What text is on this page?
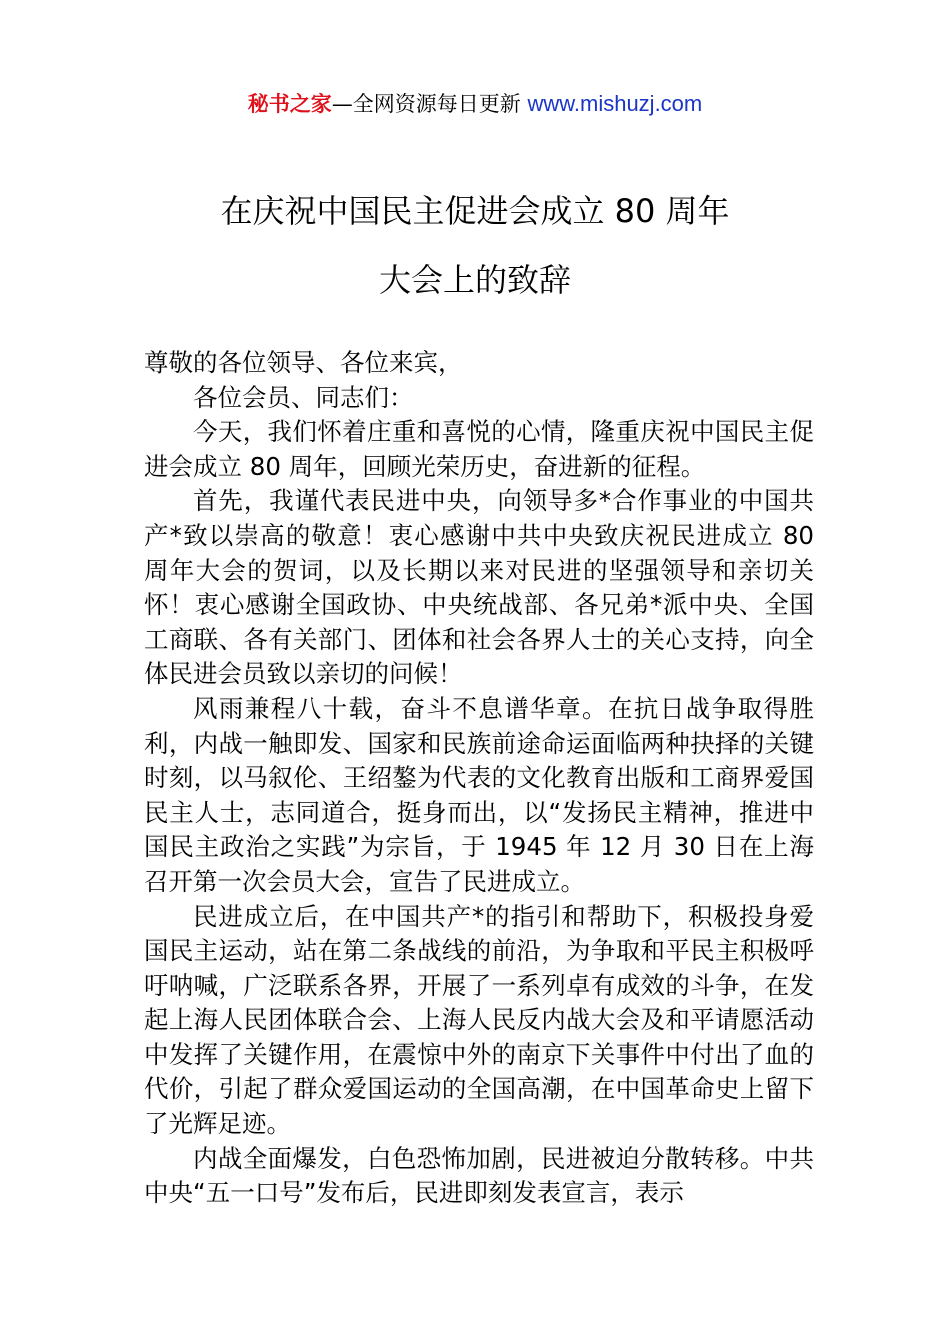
秘书之家—全网资源每日更新 www.mishuzj.com
在庆祝中国民主促进会成立 80 周年
大会上的致辞

尊敬的各位领导、各位来宾，

各位会员、同志们：

今天，我们怀着庄重和喜悦的心情，隆重庆祝中国民主促进会成立 80 周年，回顾光荣历史，奋进新的征程。

首先，我谨代表民进中央，向领导多*合作事业的中国共产*致以崇高的敬意！衷心感谢中共中央致庆祝民进成立 80 周年大会的贺词，以及长期以来对民进的坚强领导和亲切关怀！衷心感谢全国政协、中央统战部、各兄弟*派中央、全国工商联、各有关部门、团体和社会各界人士的关心支持，向全体民进会员致以亲切的问候！

风雨兼程八十载，奋斗不息谱华章。在抗日战争取得胜利，内战一触即发、国家和民族前途命运面临两种抉择的关键时刻，以马叙伦、王绍鏊为代表的文化教育出版和工商界爱国民主人士，志同道合，挺身而出，以“发扬民主精神，推进中国民主政治之实践”为宗旨，于 1945 年 12 月 30 日在上海召开第一次会员大会，宣告了民进成立。

民进成立后，在中国共产*的指引和帮助下，积极投身爱国民主运动，站在第二条战线的前沿，为争取和平民主积极呼吁呐喊，广泛联系各界，开展了一系列卓有成效的斗争，在发起上海人民团体联合会、上海人民反内战大会及和平请愿活动中发挥了关键作用，在震惊中外的南京下关事件中付出了血的代价，引起了群众爱国运动的全国高潮，在中国革命史上留下了光辉足迹。

内战全面爆发，白色恐怖加剧，民进被迫分散转移。中共中央“五一口号”发布后，民进即刻发表宣言，表示
